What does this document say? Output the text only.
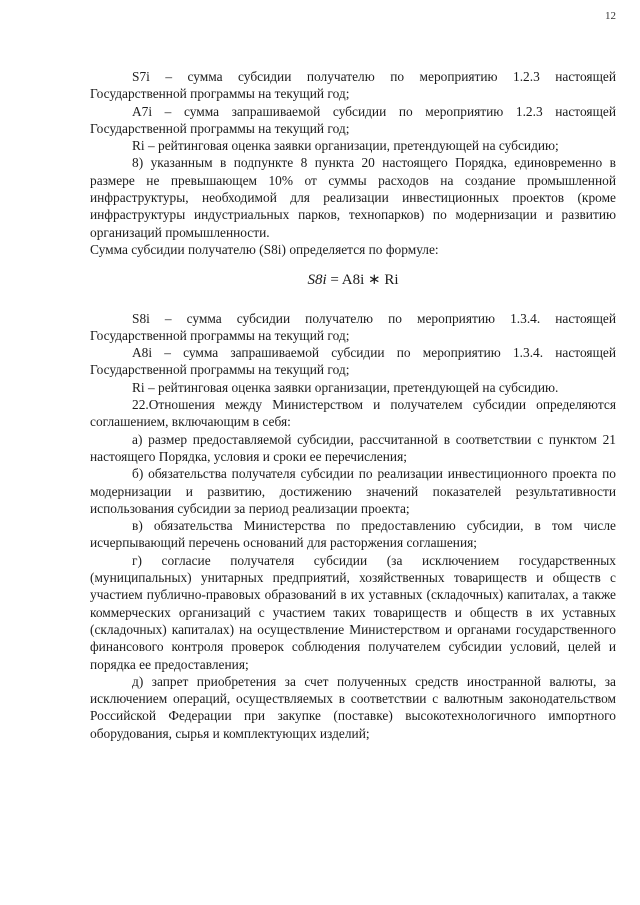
12

S7i – сумма субсидии получателю по мероприятию 1.2.3 настоящей Государственной программы на текущий год;

A7i – сумма запрашиваемой субсидии по мероприятию 1.2.3 настоящей Государственной программы на текущий год;

Ri – рейтинговая оценка заявки организации, претендующей на субсидию;

8) указанным в подпункте 8 пункта 20 настоящего Порядка, единовременно в размере не превышающем 10% от суммы расходов на создание промышленной инфраструктуры, необходимой для реализации инвестиционных проектов (кроме инфраструктуры индустриальных парков, технопарков) по модернизации и развитию организаций промышленности.

Сумма субсидии получателю (S8i) определяется по формуле:

S8i = A8i ∗ Ri

S8i – сумма субсидии получателю по мероприятию 1.3.4. настоящей Государственной программы на текущий год;

A8i – сумма запрашиваемой субсидии по мероприятию 1.3.4. настоящей Государственной программы на текущий год;

Ri – рейтинговая оценка заявки организации, претендующей на субсидию.

22.Отношения между Министерством и получателем субсидии определяются соглашением, включающим в себя:

а) размер предоставляемой субсидии, рассчитанной в соответствии с пунктом 21 настоящего Порядка, условия и сроки ее перечисления;

б) обязательства получателя субсидии по реализации инвестиционного проекта по модернизации и развитию, достижению значений показателей результативности использования субсидии за период реализации проекта;

в) обязательства Министерства по предоставлению субсидии, в том числе исчерпывающий перечень оснований для расторжения соглашения;

г) согласие получателя субсидии (за исключением государственных (муниципальных) унитарных предприятий, хозяйственных товариществ и обществ с участием публично-правовых образований в их уставных (складочных) капиталах, а также коммерческих организаций с участием таких товариществ и обществ в их уставных (складочных) капиталах) на осуществление Министерством и органами государственного финансового контроля проверок соблюдения получателем субсидии условий, целей и порядка ее предоставления;

д) запрет приобретения за счет полученных средств иностранной валюты, за исключением операций, осуществляемых в соответствии с валютным законодательством Российской Федерации при закупке (поставке) высокотехнологичного импортного оборудования, сырья и комплектующих изделий;
